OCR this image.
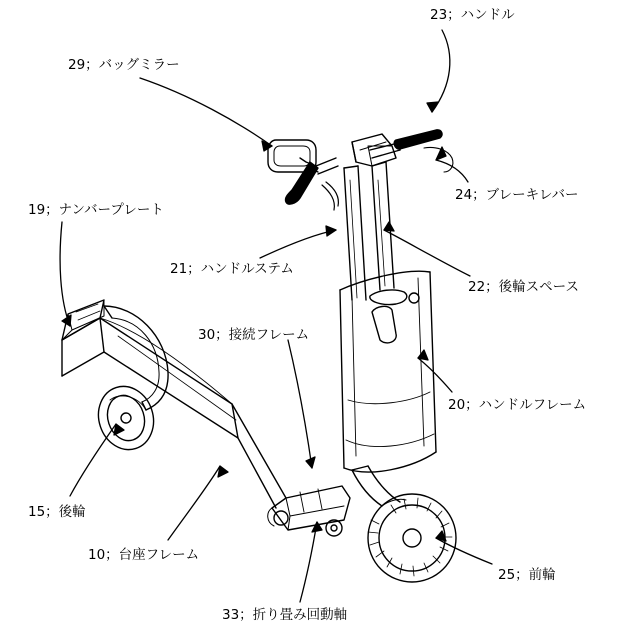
23；ハンドル
29；バッグミラー
24；ブレーキレバー
19；ナンバープレート
21；ハンドルステム
22；後輪スペース
30；接続フレーム
20；ハンドルフレーム
15；後輪
10；台座フレーム
25；前輪
33；折り畳み回動軸
